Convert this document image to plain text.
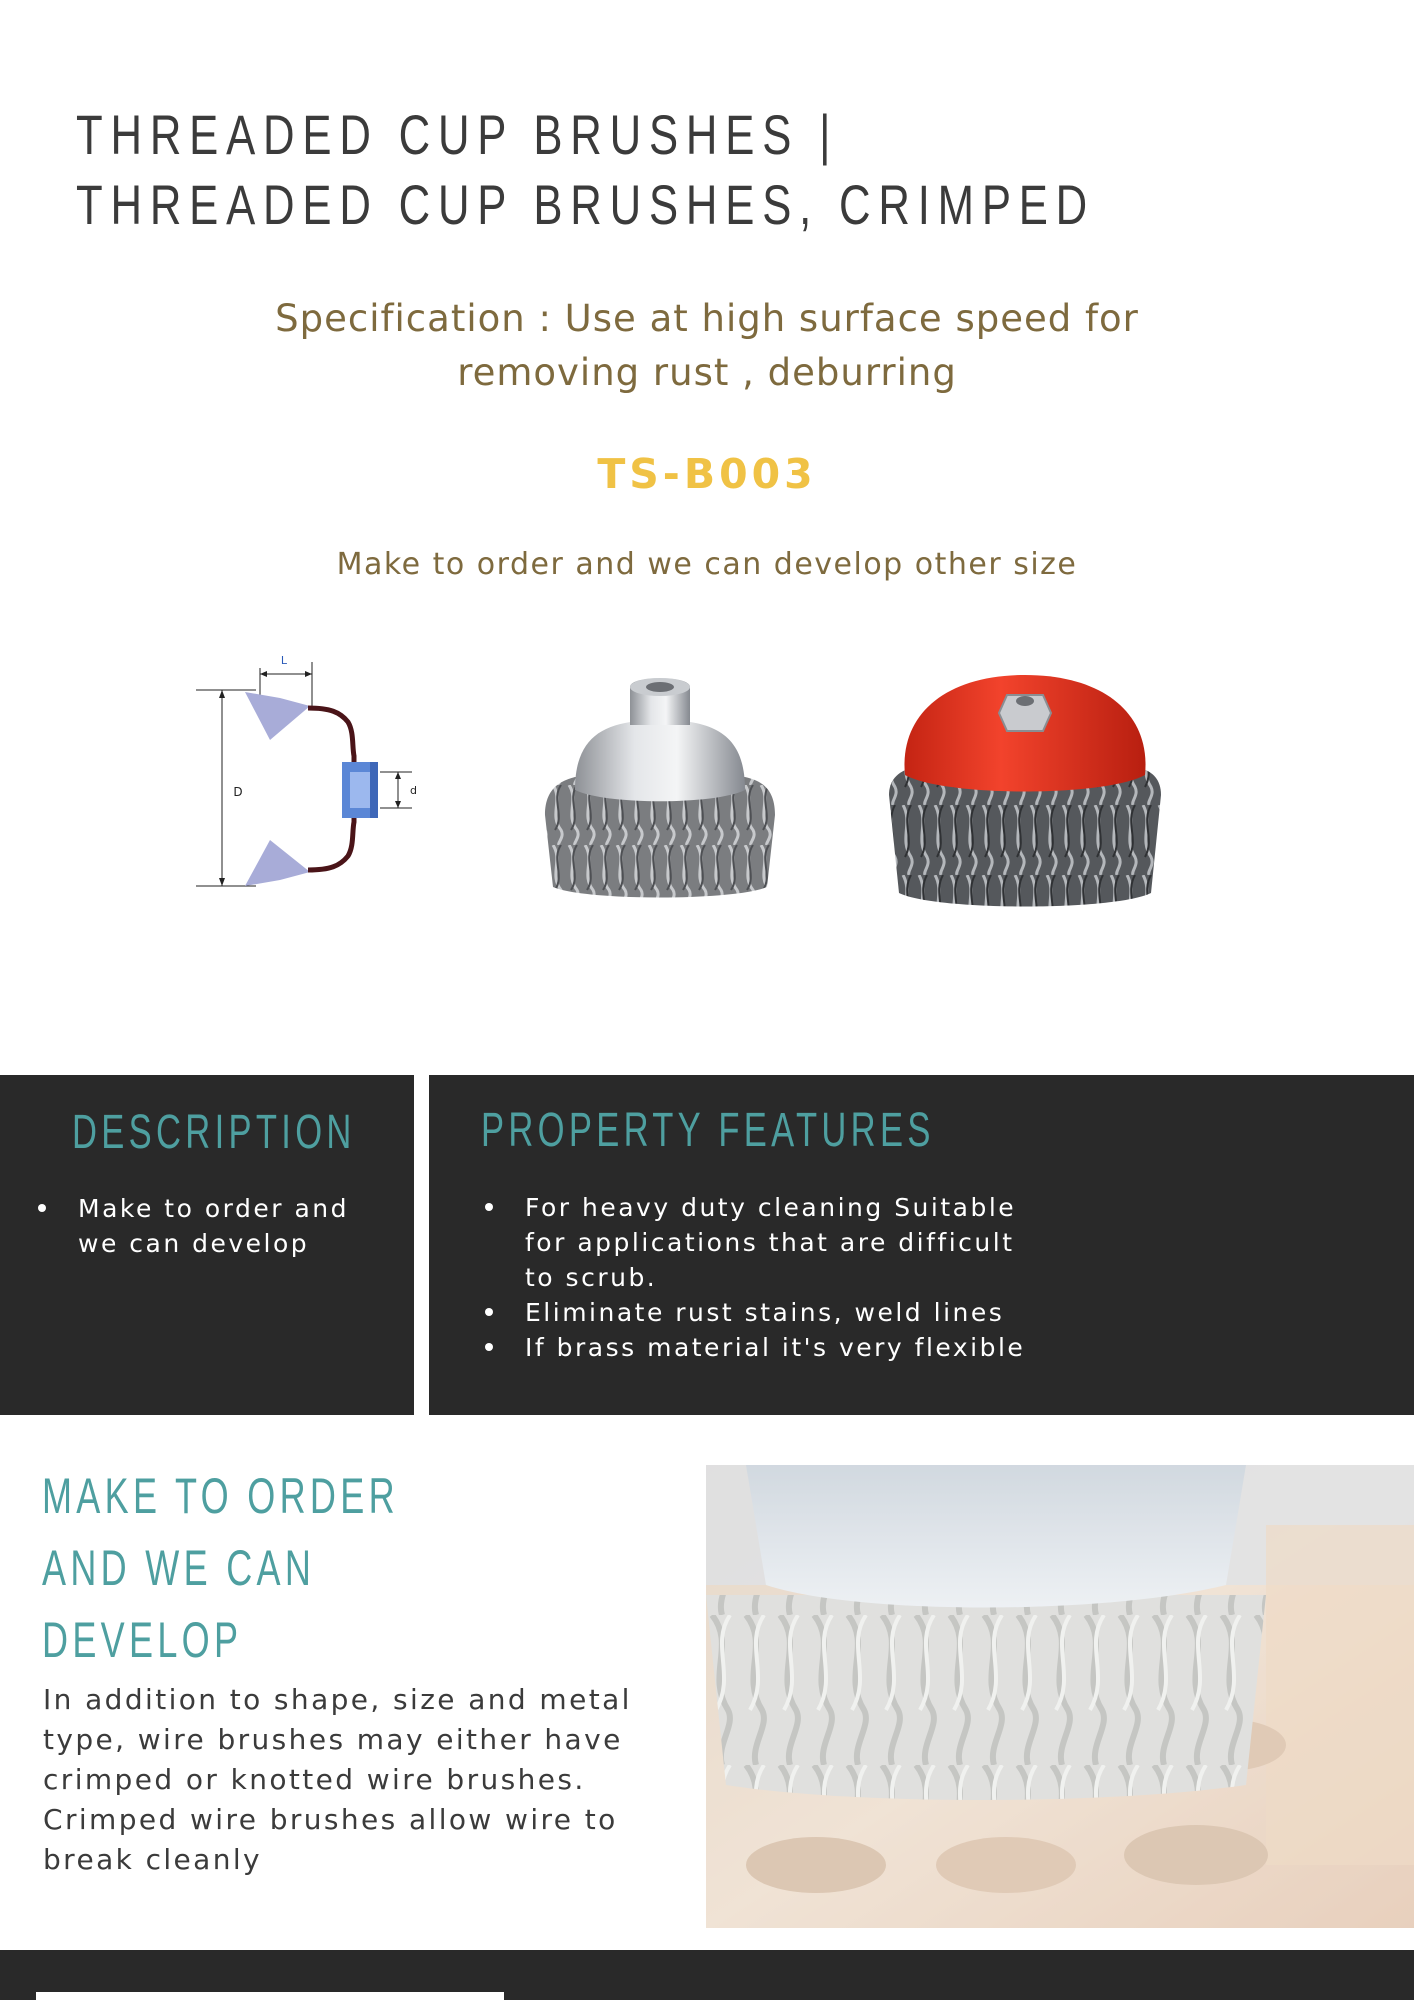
THREADED CUP BRUSHES |
THREADED CUP BRUSHES, CRIMPED
Specification : Use at high surface speed for
removing rust , deburring
TS-B003
Make to order and we can develop other size
L
D	d
DESCRIPTION
Make to order and
we can develop
PROPERTY FEATURES
For heavy duty cleaning Suitable
for applications that are difficult
to scrub.
Eliminate rust stains, weld lines
If brass material it's very flexible
MAKE TO ORDER
AND WE CAN
DEVELOP

In addition to shape, size and metal
type, wire brushes may either have
crimped or knotted wire brushes.
Crimped wire brushes allow wire to
break cleanly
